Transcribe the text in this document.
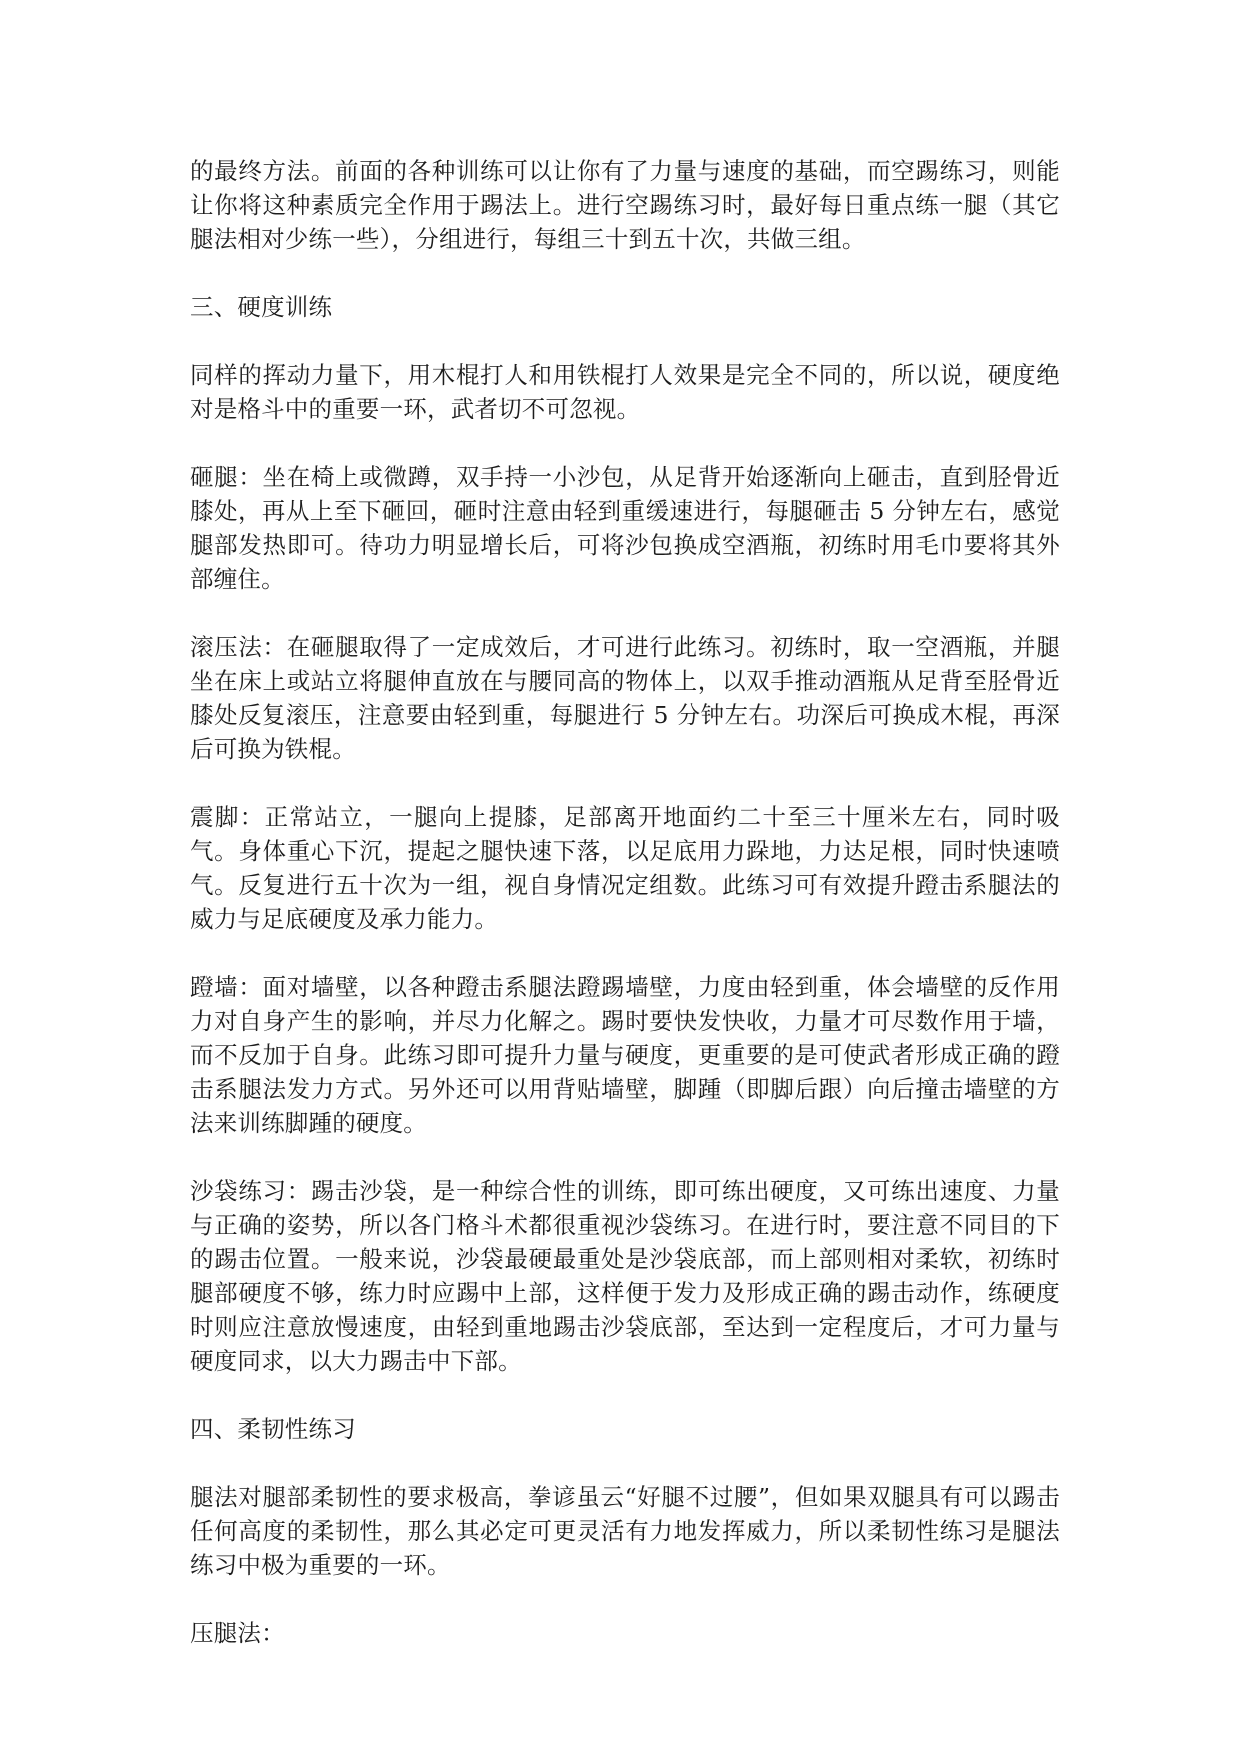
的最终方法。前面的各种训练可以让你有了力量与速度的基础，而空踢练习，则能让你将这种素质完全作用于踢法上。进行空踢练习时，最好每日重点练一腿（其它腿法相对少练一些），分组进行，每组三十到五十次，共做三组。

三、硬度训练

同样的挥动力量下，用木棍打人和用铁棍打人效果是完全不同的，所以说，硬度绝对是格斗中的重要一环，武者切不可忽视。

砸腿：坐在椅上或微蹲，双手持一小沙包，从足背开始逐渐向上砸击，直到胫骨近膝处，再从上至下砸回，砸时注意由轻到重缓速进行，每腿砸击 5 分钟左右，感觉腿部发热即可。待功力明显增长后，可将沙包换成空酒瓶，初练时用毛巾要将其外部缠住。

滚压法：在砸腿取得了一定成效后，才可进行此练习。初练时，取一空酒瓶，并腿坐在床上或站立将腿伸直放在与腰同高的物体上，以双手推动酒瓶从足背至胫骨近膝处反复滚压，注意要由轻到重，每腿进行 5 分钟左右。功深后可换成木棍，再深后可换为铁棍。

震脚：正常站立，一腿向上提膝，足部离开地面约二十至三十厘米左右，同时吸气。身体重心下沉，提起之腿快速下落，以足底用力跺地，力达足根，同时快速喷气。反复进行五十次为一组，视自身情况定组数。此练习可有效提升蹬击系腿法的威力与足底硬度及承力能力。

蹬墙：面对墙壁，以各种蹬击系腿法蹬踢墙壁，力度由轻到重，体会墙壁的反作用力对自身产生的影响，并尽力化解之。踢时要快发快收，力量才可尽数作用于墙，而不反加于自身。此练习即可提升力量与硬度，更重要的是可使武者形成正确的蹬击系腿法发力方式。另外还可以用背贴墙壁，脚踵（即脚后跟）向后撞击墙壁的方法来训练脚踵的硬度。

沙袋练习：踢击沙袋，是一种综合性的训练，即可练出硬度，又可练出速度、力量与正确的姿势，所以各门格斗术都很重视沙袋练习。在进行时，要注意不同目的下的踢击位置。一般来说，沙袋最硬最重处是沙袋底部，而上部则相对柔软，初练时腿部硬度不够，练力时应踢中上部，这样便于发力及形成正确的踢击动作，练硬度时则应注意放慢速度，由轻到重地踢击沙袋底部，至达到一定程度后，才可力量与硬度同求，以大力踢击中下部。

四、柔韧性练习

腿法对腿部柔韧性的要求极高，拳谚虽云“好腿不过腰”，但如果双腿具有可以踢击任何高度的柔韧性，那么其必定可更灵活有力地发挥威力，所以柔韧性练习是腿法练习中极为重要的一环。

压腿法：
